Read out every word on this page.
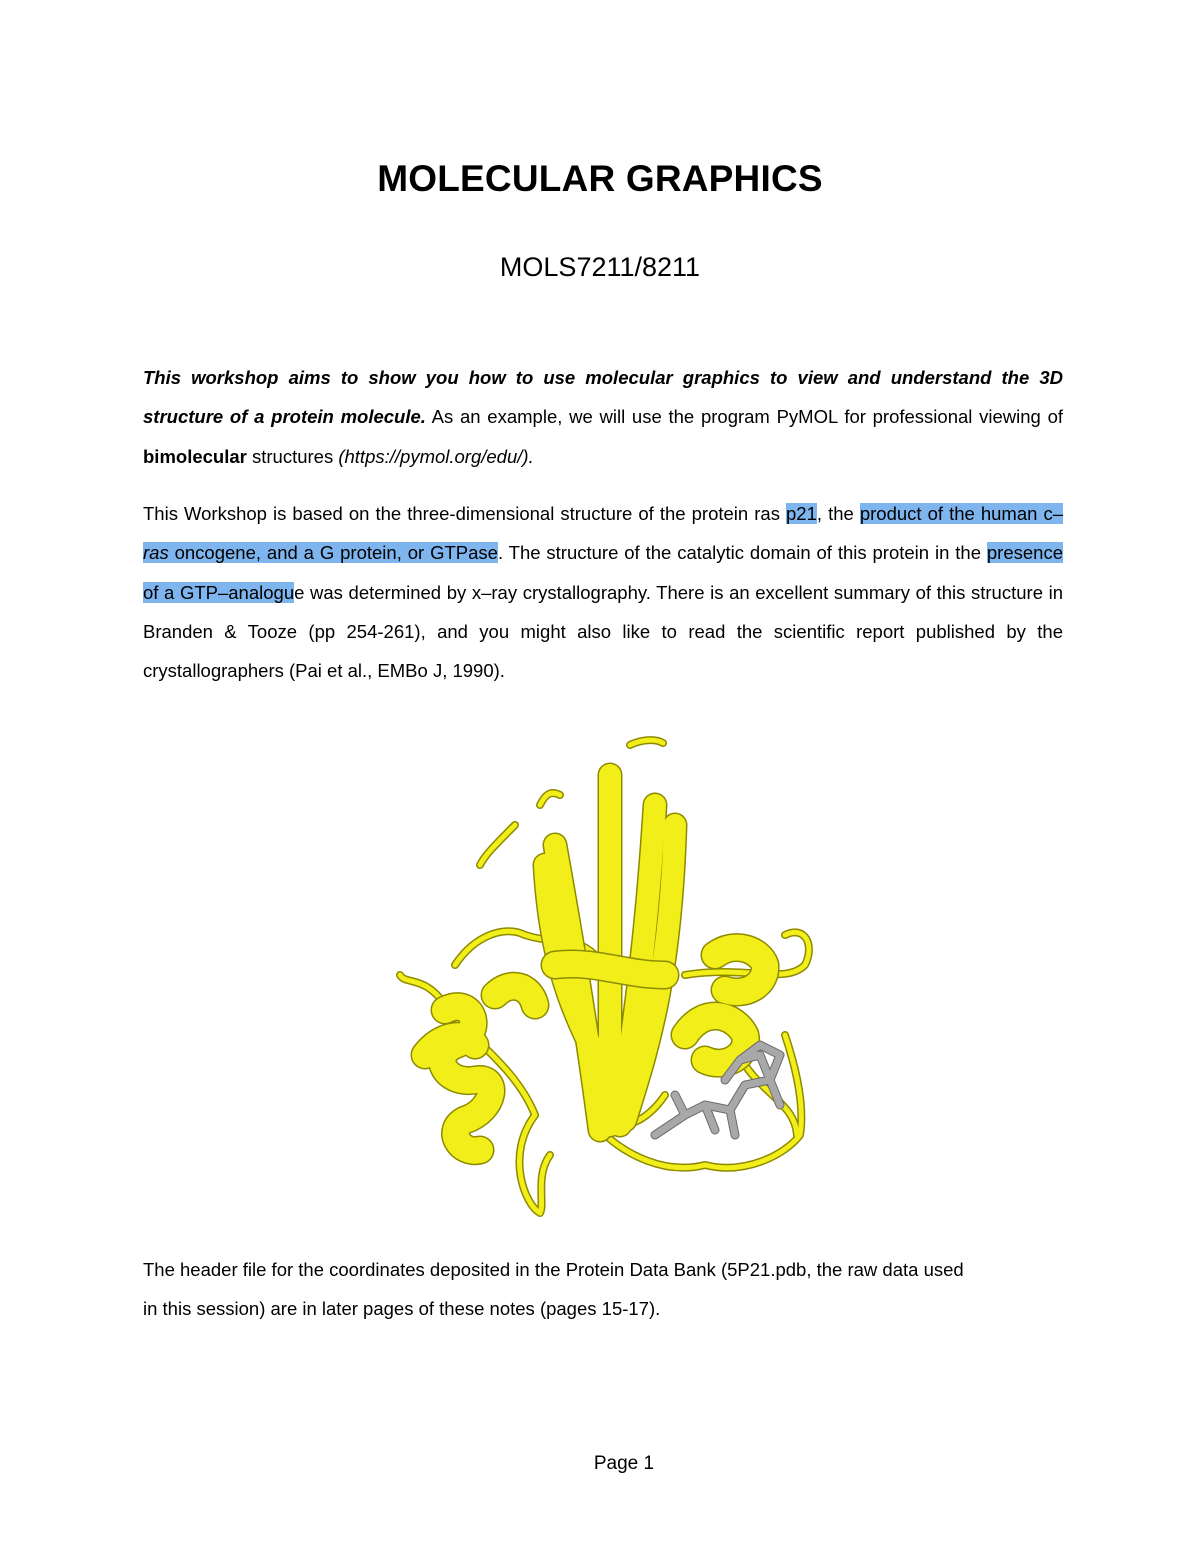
MOLECULAR GRAPHICS

MOLS7211/8211

This workshop aims to show you how to use molecular graphics to view and understand the 3D structure of a protein molecule. As an example, we will use the program PyMOL for professional viewing of bimolecular structures (https://pymol.org/edu/).

This Workshop is based on the three-dimensional structure of the protein ras p21, the product of the human c–ras oncogene, and a G protein, or GTPase. The structure of the catalytic domain of this protein in the presence of a GTP–analogue was determined by x–ray crystallography. There is an excellent summary of this structure in Branden & Tooze (pp 254-261), and you might also like to read the scientific report published by the crystallographers (Pai et al., EMBo J, 1990).

The header file for the coordinates deposited in the Protein Data Bank (5P21.pdb, the raw data used
in this session) are in later pages of these notes (pages 15-17).

Page 1
